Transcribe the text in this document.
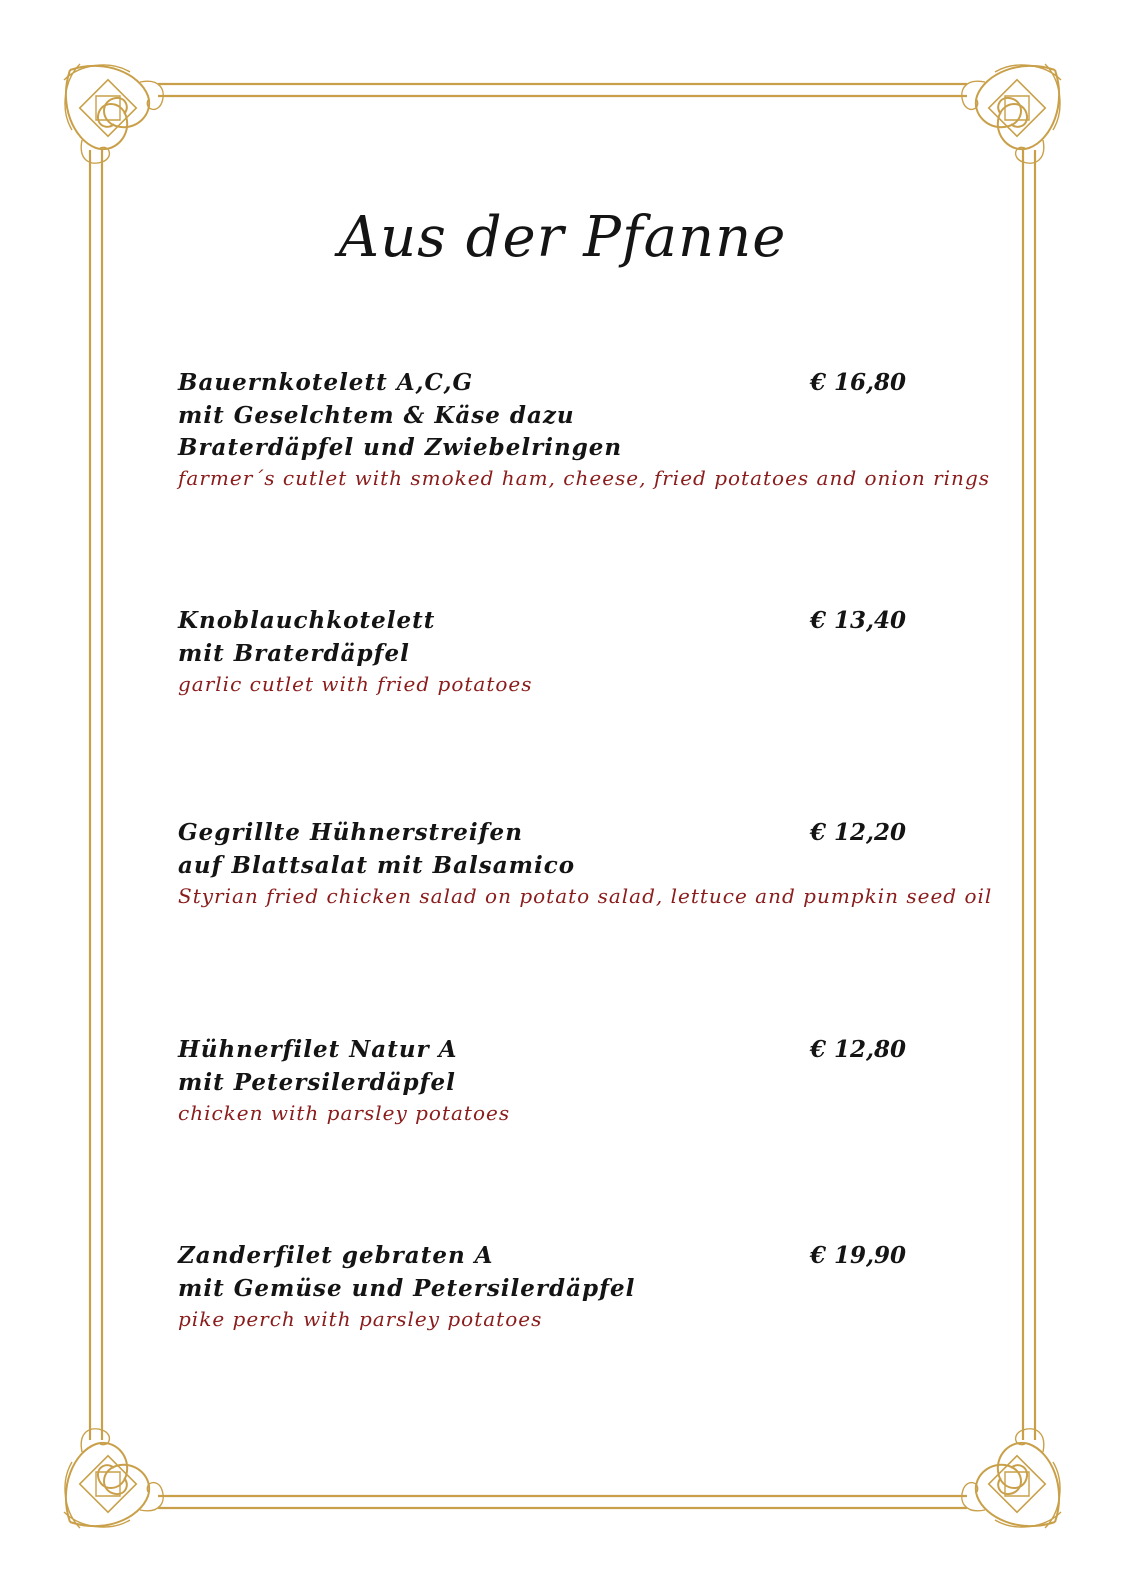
Aus der Pfanne
Bauernkotelett A,C,G	€ 16,80
mit Geselchtem & Käse dazu Braterdäpfel und Zwiebelringen
farmer´s cutlet with smoked ham, cheese, fried potatoes and onion rings
Knoblauchkotelett	€ 13,40
mit Braterdäpfel
garlic cutlet with fried potatoes
Gegrillte Hühnerstreifen	€ 12,20
auf Blattsalat mit Balsamico
Styrian fried chicken salad on potato salad, lettuce and pumpkin seed oil
Hühnerfilet Natur A	€ 12,80
mit Petersilerdäpfel
chicken with parsley potatoes
Zanderfilet gebraten A	€ 19,90
mit Gemüse und Petersilerdäpfel
pike perch with parsley potatoes
